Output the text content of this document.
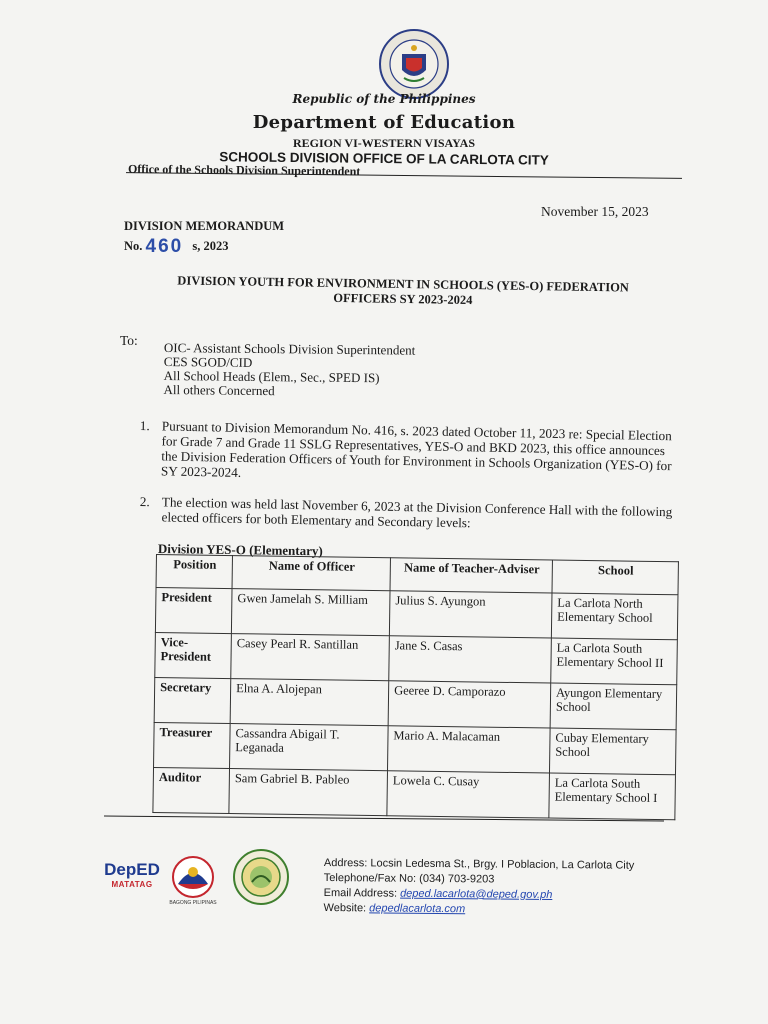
Republic of the Philippines
Department of Education
REGION VI-WESTERN VISAYAS
SCHOOLS DIVISION OFFICE OF LA CARLOTA CITY
Office of the Schools Division Superintendent
November 15, 2023
DIVISION MEMORANDUM
No. 460 s, 2023
DIVISION YOUTH FOR ENVIRONMENT IN SCHOOLS (YES-O) FEDERATION
OFFICERS SY 2023-2024
To: OIC- Assistant Schools Division Superintendent
CES SGOD/CID
All School Heads (Elem., Sec., SPED IS)
All others Concerned
1. Pursuant to Division Memorandum No. 416, s. 2023 dated October 11, 2023 re: Special Election for Grade 7 and Grade 11 SSLG Representatives, YES-O and BKD 2023, this office announces the Division Federation Officers of Youth for Environment in Schools Organization (YES-O) for SY 2023-2024.
2. The election was held last November 6, 2023 at the Division Conference Hall with the following elected officers for both Elementary and Secondary levels:
Division YES-O (Elementary)
Position	Name of Officer	Name of Teacher-Adviser	School
President	Gwen Jamelah S. Milliam	Julius S. Ayungon	La Carlota North Elementary School
Vice-President	Casey Pearl R. Santillan	Jane S. Casas	La Carlota South Elementary School II
Secretary	Elna A. Alojepan	Geeree D. Camporazo	Ayungon Elementary School
Treasurer	Cassandra Abigail T. Leganada	Mario A. Malacaman	Cubay Elementary School
Auditor	Sam Gabriel B. Pableo	Lowela C. Cusay	La Carlota South Elementary School I
DepED
MATATAG
BAGONG PILIPINAS
Address: Locsin Ledesma St., Brgy. I Poblacion, La Carlota City
Telephone/Fax No: (034) 703-9203
Email Address: deped.lacarlota@deped.gov.ph
Website: depedlacarlota.com
